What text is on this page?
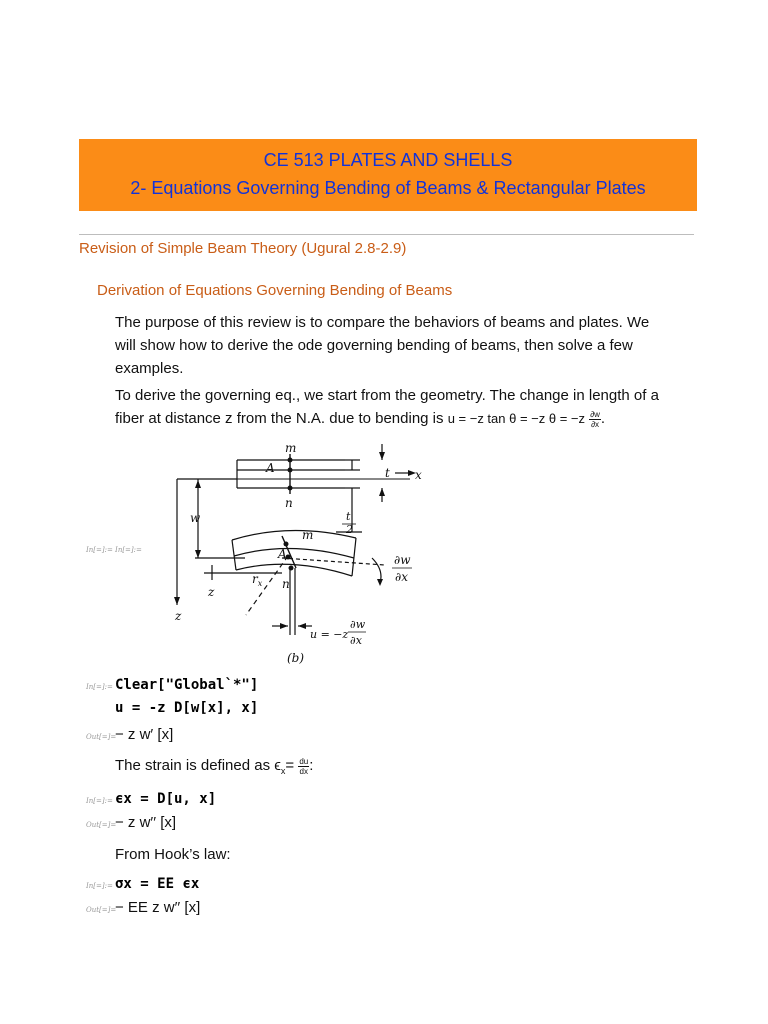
CE 513 PLATES AND SHELLS
2- Equations Governing Bending of Beams & Rectangular Plates
Revision of Simple Beam Theory (Ugural 2.8-2.9)
Derivation of Equations Governing Bending of Beams
The purpose of this review is to compare the behaviors of beams and plates. We
will show how to derive the ode governing bending of beams, then solve a few
examples.
To derive the governing eq., we start from the geometry. The change in length of a
fiber at distance z from the N.A. due to bending is u = −z tan θ = −z $\theta = -z \frac{\partial w}{\partial x}$ .
In[=]:= In[=]:=
m
A
n
t x
w	t
2
m
A
n
$r_x$
z
z
∂w
∂x
u = −z
∂w
∂x
(b)
In[=]:= Clear["Global`*"]
u = -z D[w[x], x]
Out[=]=
− z w′ [x]
The strain is defined as $\epsilon_x= \frac{du}{dx}$ :
In[=]:= ϵx = D[u, x]
Out[=]=
− z w′′ [x]
From Hook’s law:
In[=]:= σx = EE ϵx
Out[=]=
− EE z w′′ [x]
